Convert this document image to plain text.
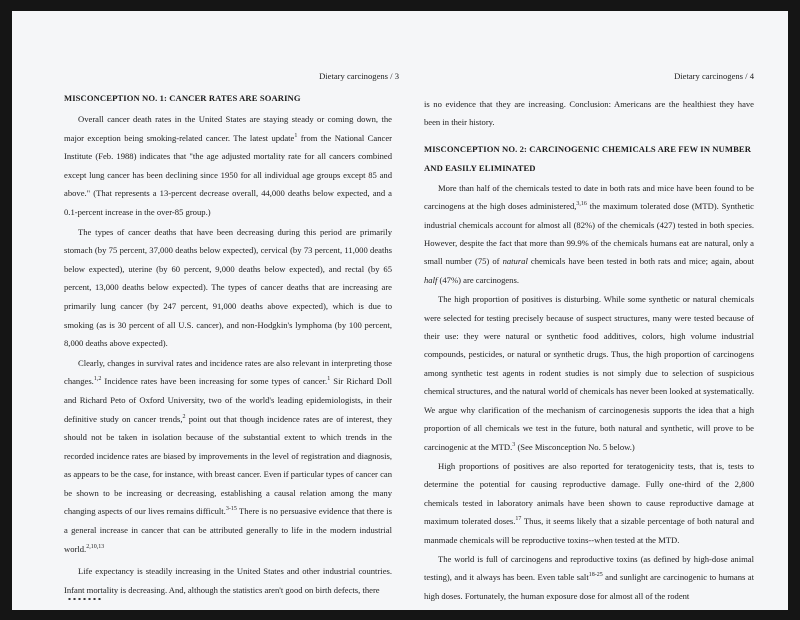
Dietary carcinogens / 3
MISCONCEPTION NO. 1: CANCER RATES ARE SOARING

Overall cancer death rates in the United States are staying steady or coming down, the major exception being smoking-related cancer. The latest update$^1$ from the National Cancer Institute (Feb. 1988) indicates that "the age adjusted mortality rate for all cancers combined except lung cancer has been declining since 1950 for all individual age groups except 85 and above." (That represents a 13-percent decrease overall, 44,000 deaths below expected, and a 0.1-percent increase in the over-85 group.)

The types of cancer deaths that have been decreasing during this period are primarily stomach (by 75 percent, 37,000 deaths below expected), cervical (by 73 percent, 11,000 deaths below expected), uterine (by 60 percent, 9,000 deaths below expected), and rectal (by 65 percent, 13,000 deaths below expected). The types of cancer deaths that are increasing are primarily lung cancer (by 247 percent, 91,000 deaths above expected), which is due to smoking (as is 30 percent of all U.S. cancer), and non-Hodgkin's lymphoma (by 100 percent, 8,000 deaths above expected).

Clearly, changes in survival rates and incidence rates are also relevant in interpreting those changes.$^{1,2}$ Incidence rates have been increasing for some types of cancer.$^1$ Sir Richard Doll and Richard Peto of Oxford University, two of the world's leading epidemiologists, in their definitive study on cancer trends,$^2$ point out that though incidence rates are of interest, they should not be taken in isolation because of the substantial extent to which trends in the recorded incidence rates are biased by improvements in the level of registration and diagnosis, as appears to be the case, for instance, with breast cancer. Even if particular types of cancer can be shown to be increasing or decreasing, establishing a causal relation among the many changing aspects of our lives remains difficult.$^{3-15}$ There is no persuasive evidence that there is a general increase in cancer that can be attributed generally to life in the modern industrial world.$^{2,10,13}$

Life expectancy is steadily increasing in the United States and other industrial countries. Infant mortality is decreasing. And, although the statistics aren't good on birth defects, there

Dietary carcinogens / 4

is no evidence that they are increasing. Conclusion: Americans are the healthiest they have been in their history.

MISCONCEPTION NO. 2: CARCINOGENIC CHEMICALS ARE FEW IN NUMBER AND EASILY ELIMINATED

More than half of the chemicals tested to date in both rats and mice have been found to be carcinogens at the high doses administered,$^{3,16}$ the maximum tolerated dose (MTD). Synthetic industrial chemicals account for almost all (82%) of the chemicals (427) tested in both species. However, despite the fact that more than 99.9% of the chemicals humans eat are natural, only a small number (75) of natural chemicals have been tested in both rats and mice; again, about half (47%) are carcinogens.

The high proportion of positives is disturbing. While some synthetic or natural chemicals were selected for testing precisely because of suspect structures, many were tested because of their use: they were natural or synthetic food additives, colors, high volume industrial compounds, pesticides, or natural or synthetic drugs. Thus, the high proportion of carcinogens among synthetic test agents in rodent studies is not simply due to selection of suspicious chemical structures, and the natural world of chemicals has never been looked at systematically. We argue why clarification of the mechanism of carcinogenesis supports the idea that a high proportion of all chemicals we test in the future, both natural and synthetic, will prove to be carcinogenic at the MTD.$^3$ (See Misconception No. 5 below.)

High proportions of positives are also reported for teratogenicity tests, that is, tests to determine the potential for causing reproductive damage. Fully one-third of the 2,800 chemicals tested in laboratory animals have been shown to cause reproductive damage at maximum tolerated doses.$^{17}$ Thus, it seems likely that a sizable percentage of both natural and manmade chemicals will be reproductive toxins--when tested at the MTD.

The world is full of carcinogens and reproductive toxins (as defined by high-dose animal testing), and it always has been. Even table salt$^{18-25}$ and sunlight are carcinogenic to humans at high doses. Fortunately, the human exposure dose for almost all of the rodent
